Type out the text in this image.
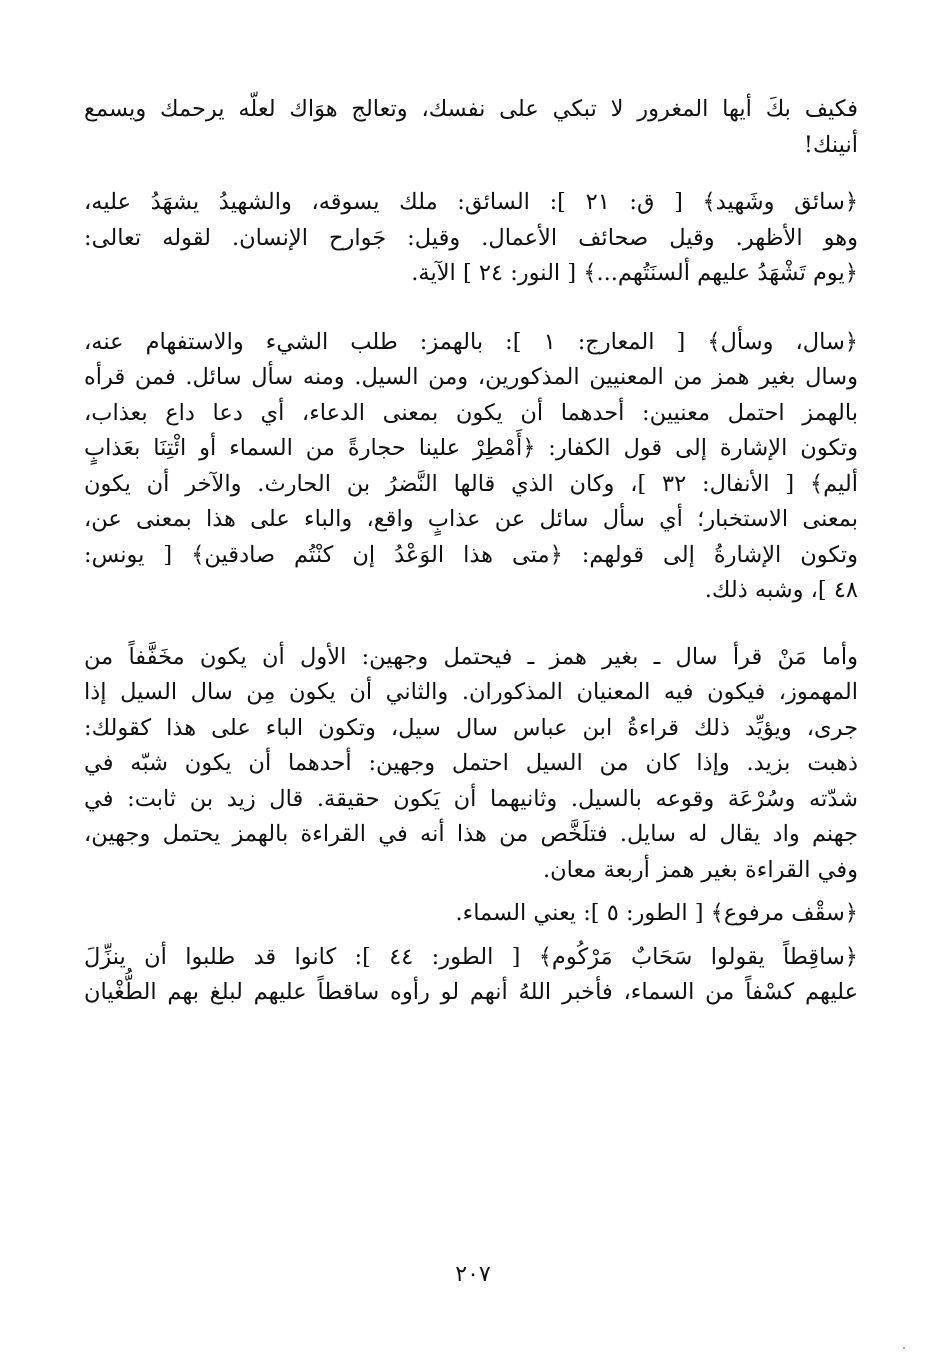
فكيف بكَ أيها المغرور لا تبكي على نفسك، وتعالج هوَاك لعلّه يرحمك ويسمع
أنينك!
﴿سائق وشَهيد﴾ [ ق: ٢١ ]: السائق: ملك يسوقه، والشهيدُ يشهَدُ عليه،
وهو الأظهر. وقيل صحائف الأعمال. وقيل: جَوارح الإنسان. لقوله تعالى:
﴿يوم تَشْهَدُ عليهم ألسنَتُهم...﴾ [ النور: ٢٤ ] الآية.
﴿سال، وسأل﴾ [ المعارج: ١ ]: بالهمز: طلب الشيء والاستفهام عنه،
وسال بغير همز من المعنيين المذكورين، ومن السيل. ومنه سأل سائل. فمن قرأه
بالهمز احتمل معنيين: أحدهما أن يكون بمعنى الدعاء، أي دعا داع بعذاب،
وتكون الإشارة إلى قول الكفار: ﴿أَمْطِرْ علينا حجارةً من السماء أو ائْتِنَا بعَذابٍ
أليم﴾ [ الأنفال: ٣٢ ]، وكان الذي قالها النَّضرُ بن الحارث. والآخر أن يكون
بمعنى الاستخبار؛ أي سأل سائل عن عذابٍ واقع، والباء على هذا بمعنى عن،
وتكون الإشارةُ إلى قولهم: ﴿متى هذا الوَعْدُ إن كنْتُم صادقين﴾ [ يونس:
٤٨ ]، وشبه ذلك.
وأما مَنْ قرأ سال ـ بغير همز ـ فيحتمل وجهين: الأول أن يكون مخَفَّفاً من
المهموز، فيكون فيه المعنيان المذكوران. والثاني أن يكون مِن سال السيل إذا
جرى، ويؤيِّد ذلك قراءةُ ابن عباس سال سيل، وتكون الباء على هذا كقولك:
ذهبت بزيد. وإذا كان من السيل احتمل وجهين: أحدهما أن يكون شبّه في
شدّته وسُرْعَة وقوعه بالسيل. وثانيهما أن يَكون حقيقة. قال زيد بن ثابت: في
جهنم واد يقال له سايل. فتلَخَّص من هذا أنه في القراءة بالهمز يحتمل وجهين،
وفي القراءة بغير همز أربعة معان.
﴿سقْف مرفوع﴾ [ الطور: ٥ ]: يعني السماء.
﴿ساقِطاً يقولوا سَحَابٌ مَرْكُوم﴾ [ الطور: ٤٤ ]: كانوا قد طلبوا أن ينزِّلَ
عليهم كسْفاً من السماء، فأخبر اللهُ أنهم لو رأوه ساقطاً عليهم لبلغ بهم الطُّغْيان
٢٠٧
